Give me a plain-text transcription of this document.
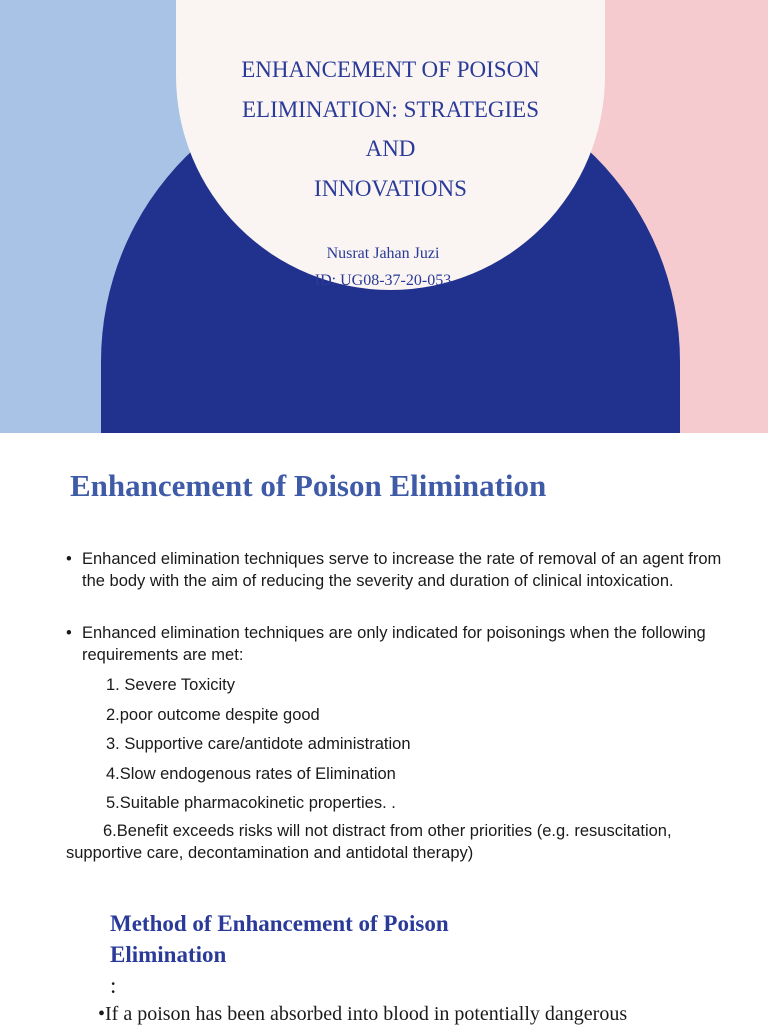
ENHANCEMENT OF POISON
ELIMINATION: STRATEGIES
AND
INNOVATIONS
Nusrat Jahan Juzi
ID: UG08-37-20-053
Enhancement of Poison Elimination
• Enhanced elimination techniques serve to increase the rate of removal of an agent from the body with the aim of reducing the severity and duration of clinical intoxication.
• Enhanced elimination techniques are only indicated for poisonings when the following requirements are met:
1. Severe Toxicity
2.poor outcome despite good
3. Supportive care/antidote administration
4.Slow endogenous rates of Elimination
5.Suitable pharmacokinetic properties. .
6.Benefit exceeds risks will not distract from other priorities (e.g. resuscitation, supportive care, decontamination and antidotal therapy)
Method of Enhancement of Poison
Elimination
:
•If a poison has been absorbed into blood in potentially dangerous
